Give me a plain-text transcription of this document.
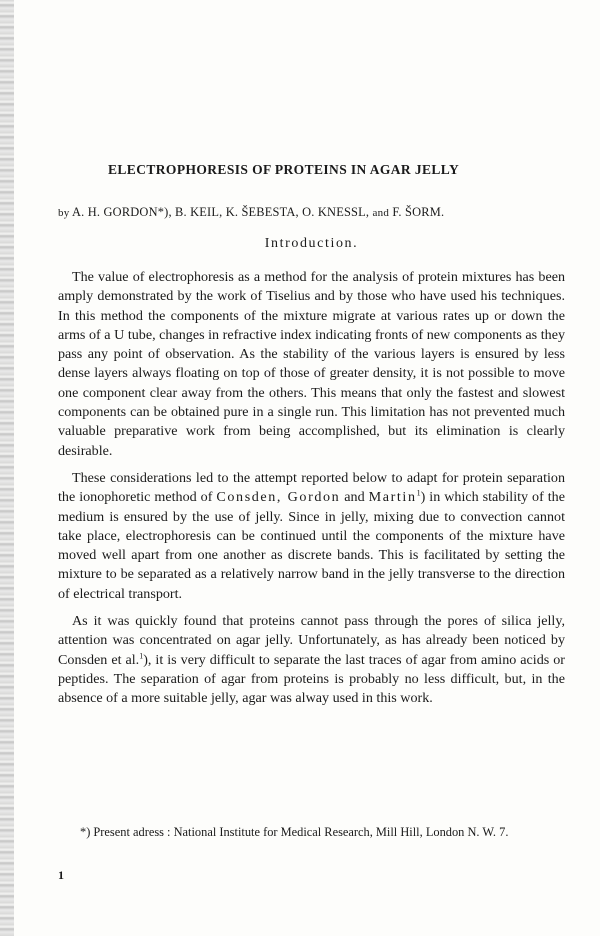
ELECTROPHORESIS OF PROTEINS IN AGAR JELLY
by A. H. GORDON*), B. KEIL, K. ŠEBESTA, O. KNESSL, and F. ŠORM.
Introduction.

The value of electrophoresis as a method for the analysis of protein mixtures has been amply demonstrated by the work of Tiselius and by those who have used his techniques. In this method the components of the mixture migrate at various rates up or down the arms of a U tube, changes in refractive index indicating fronts of new components as they pass any point of observation. As the stability of the various layers is ensured by less dense layers always floating on top of those of greater density, it is not possible to move one component clear away from the others. This means that only the fastest and slowest components can be obtained pure in a single run. This limitation has not prevented much valuable preparative work from being accomplished, but its elimination is clearly desirable.

These considerations led to the attempt reported below to adapt for protein separation the ionophoretic method of Consden, Gordon and Martin$^1$) in which stability of the medium is ensured by the use of jelly. Since in jelly, mixing due to convection cannot take place, electrophoresis can be continued until the components of the mixture have moved well apart from one another as discrete bands. This is facilitated by setting the mixture to be separated as a relatively narrow band in the jelly transverse to the direction of electrical transport.

As it was quickly found that proteins cannot pass through the pores of silica jelly, attention was concentrated on agar jelly. Unfortunately, as has already been noticed by Consden et al.$^1$), it is very difficult to separate the last traces of agar from amino acids or peptides. The separation of agar from proteins is probably no less difficult, but, in the absence of a more suitable jelly, agar was alway used in this work.

*) Present adress : National Institute for Medical Research, Mill Hill, London N. W. 7.

1
